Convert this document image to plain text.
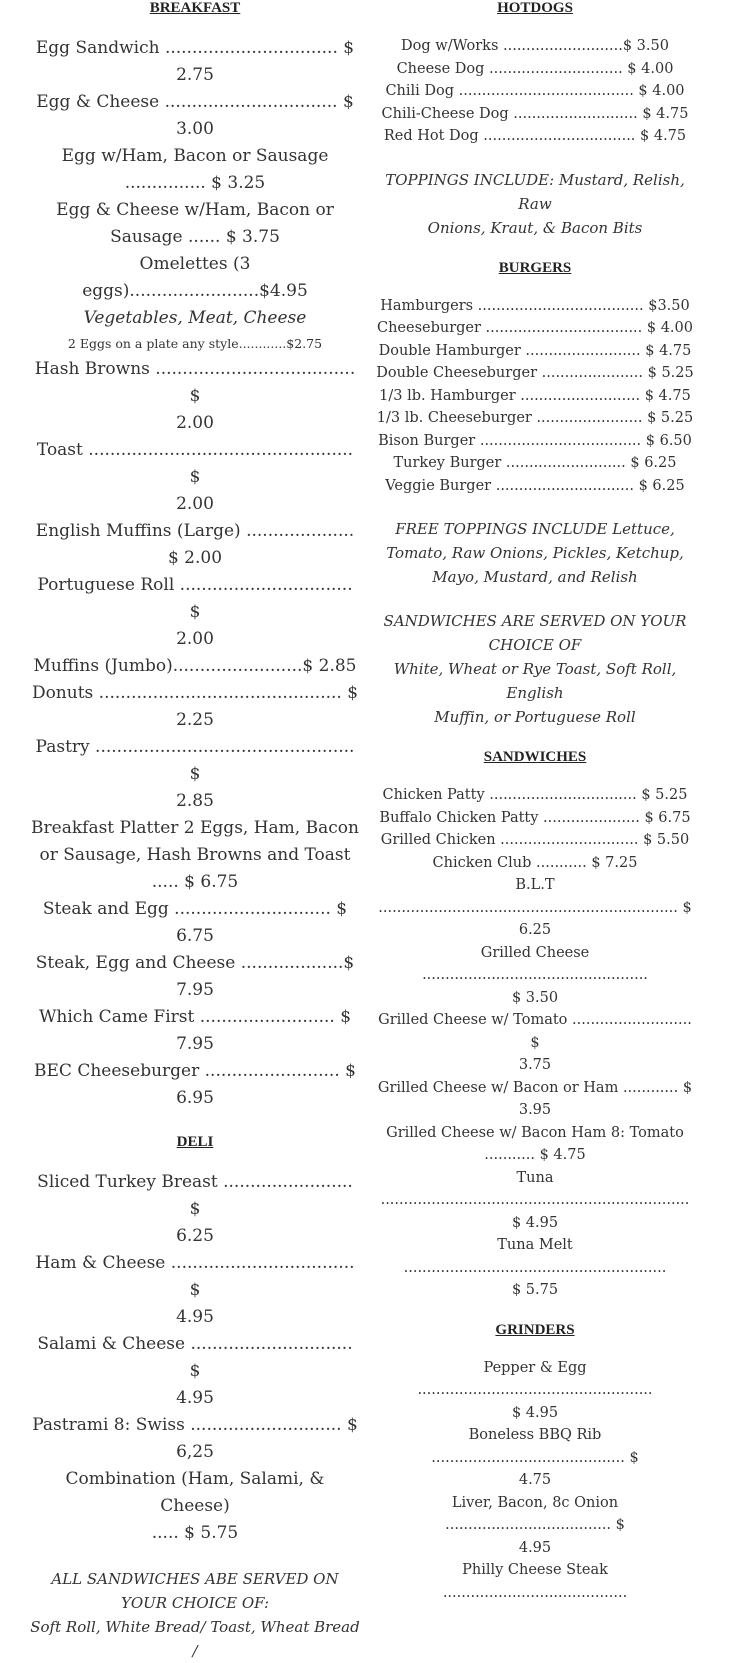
BREAKFAST

Egg Sandwich ................................ $

2.75

Egg & Cheese ................................ $

3.00

Egg w/Ham, Bacon or Sausage

............... $ 3.25

Egg & Cheese w/Ham, Bacon or

Sausage ...... $ 3.75

Omelettes (3 eggs)........................$4.95

Vegetables, Meat, Cheese

2 Eggs on a plate any style............$2.75

Hash Browns ..................................... $

2.00

Toast ................................................. $

2.00

English Muffins (Large) ....................

$ 2.00

Portuguese Roll ................................ $

2.00

Muffins (Jumbo)........................$ 2.85

Donuts ............................................. $

2.25

Pastry ................................................ $

2.85

Breakfast Platter 2 Eggs, Ham, Bacon

or Sausage, Hash Browns and Toast

..... $ 6.75

Steak and Egg ............................. $

6.75

Steak, Egg and Cheese ...................$

7.95

Which Came First ......................... $

7.95

BEC Cheeseburger ......................... $

6.95

DELI

Sliced Turkey Breast ........................ $

6.25

Ham & Cheese .................................. $

4.95

Salami & Cheese .............................. $

4.95

Pastrami 8: Swiss ............................ $

6,25

Combination (Ham, Salami, & Cheese)

..... $ 5.75

ALL SANDWICHES ABE SERVED ON

YOUR CHOICE OF:

Soft Roll, White Bread/ Toast, Wheat Bread /

HOTDOGS

Dog w/Works ..........................$ 3.50

Cheese Dog ............................. $ 4.00

Chili Dog ...................................... $ 4.00

Chili-Cheese Dog ........................... $ 4.75

Red Hot Dog ................................. $ 4.75

TOPPINGS INCLUDE: Mustard, Relish, Raw

Onions, Kraut, & Bacon Bits

BURGERS

Hamburgers .................................... $3.50

Cheeseburger .................................. $ 4.00

Double Hamburger ......................... $ 4.75

Double Cheeseburger ...................... $ 5.25

1/3 lb. Hamburger .......................... $ 4.75

1/3 lb. Cheeseburger ....................... $ 5.25

Bison Burger ................................... $ 6.50

Turkey Burger .......................... $ 6.25

Veggie Burger .............................. $ 6.25

FREE TOPPINGS INCLUDE Lettuce,

Tomato, Raw Onions, Pickles, Ketchup,

Mayo, Mustard, and Relish

SANDWICHES ARE SERVED ON YOUR

CHOICE OF

White, Wheat or Rye Toast, Soft Roll, English

Muffin, or Portuguese Roll

SANDWICHES

Chicken Patty ................................ $ 5.25

Buffalo Chicken Patty ..................... $ 6.75

Grilled Chicken .............................. $ 5.50

Chicken Club ........... $ 7.25

B.L.T ................................................................. $

6.25

Grilled Cheese .................................................

$ 3.50

Grilled Cheese w/ Tomato .......................... $

3.75

Grilled Cheese w/ Bacon or Ham ............ $

3.95

Grilled Cheese w/ Bacon Ham 8: Tomato

........... $ 4.75

Tuna ...................................................................

$ 4.95

Tuna Melt .........................................................

$ 5.75

GRINDERS

Pepper & Egg ...................................................

$ 4.95

Boneless BBQ Rib .......................................... $

4.75

Liver, Bacon, 8c Onion .................................... $

4.95

Philly Cheese Steak ........................................
